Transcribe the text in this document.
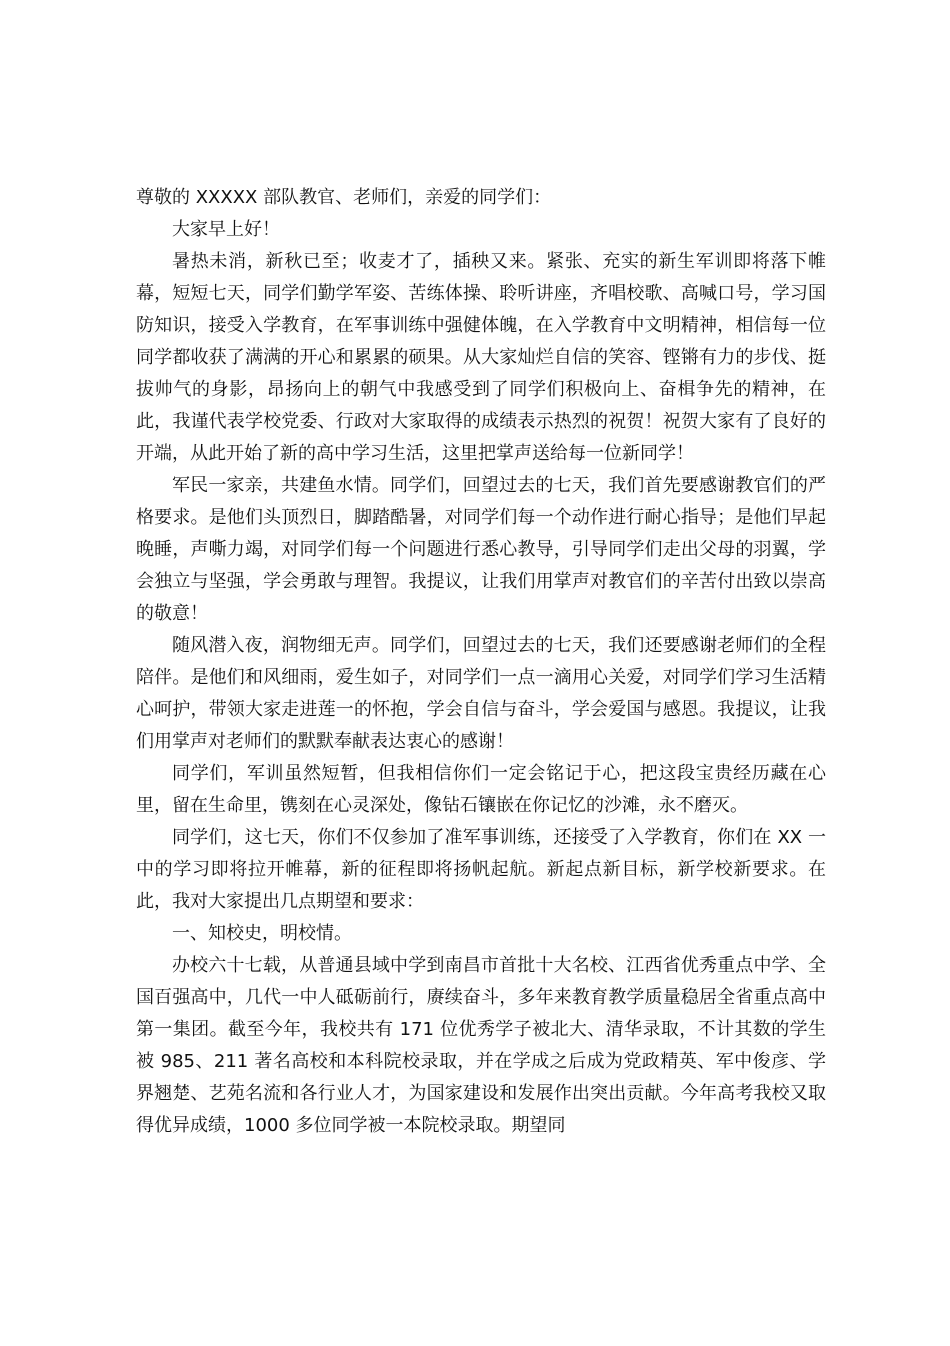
尊敬的 XXXXX 部队教官、老师们，亲爱的同学们：

大家早上好！

暑热未消，新秋已至；收麦才了，插秧又来。紧张、充实的新生军训即将落下帷幕，短短七天，同学们勤学军姿、苦练体操、聆听讲座，齐唱校歌、高喊口号，学习国防知识，接受入学教育，在军事训练中强健体魄，在入学教育中文明精神，相信每一位同学都收获了满满的开心和累累的硕果。从大家灿烂自信的笑容、铿锵有力的步伐、挺拔帅气的身影，昂扬向上的朝气中我感受到了同学们积极向上、奋楫争先的精神，在此，我谨代表学校党委、行政对大家取得的成绩表示热烈的祝贺！祝贺大家有了良好的开端，从此开始了新的高中学习生活，这里把掌声送给每一位新同学！

军民一家亲，共建鱼水情。同学们，回望过去的七天，我们首先要感谢教官们的严格要求。是他们头顶烈日，脚踏酷暑，对同学们每一个动作进行耐心指导；是他们早起晚睡，声嘶力竭，对同学们每一个问题进行悉心教导，引导同学们走出父母的羽翼，学会独立与坚强，学会勇敢与理智。我提议，让我们用掌声对教官们的辛苦付出致以崇高的敬意！

随风潜入夜，润物细无声。同学们，回望过去的七天，我们还要感谢老师们的全程陪伴。是他们和风细雨，爱生如子，对同学们一点一滴用心关爱，对同学们学习生活精心呵护，带领大家走进莲一的怀抱，学会自信与奋斗，学会爱国与感恩。我提议，让我们用掌声对老师们的默默奉献表达衷心的感谢！

同学们，军训虽然短暂，但我相信你们一定会铭记于心，把这段宝贵经历藏在心里，留在生命里，镌刻在心灵深处，像钻石镶嵌在你记忆的沙滩，永不磨灭。

同学们，这七天，你们不仅参加了准军事训练，还接受了入学教育，你们在 XX 一中的学习即将拉开帷幕，新的征程即将扬帆起航。新起点新目标，新学校新要求。在此，我对大家提出几点期望和要求：

一、知校史，明校情。

办校六十七载，从普通县域中学到南昌市首批十大名校、江西省优秀重点中学、全国百强高中，几代一中人砥砺前行，赓续奋斗，多年来教育教学质量稳居全省重点高中第一集团。截至今年，我校共有 171 位优秀学子被北大、清华录取，不计其数的学生被 985、211 著名高校和本科院校录取，并在学成之后成为党政精英、军中俊彦、学界翘楚、艺苑名流和各行业人才，为国家建设和发展作出突出贡献。今年高考我校又取得优异成绩，1000 多位同学被一本院校录取。期望同
